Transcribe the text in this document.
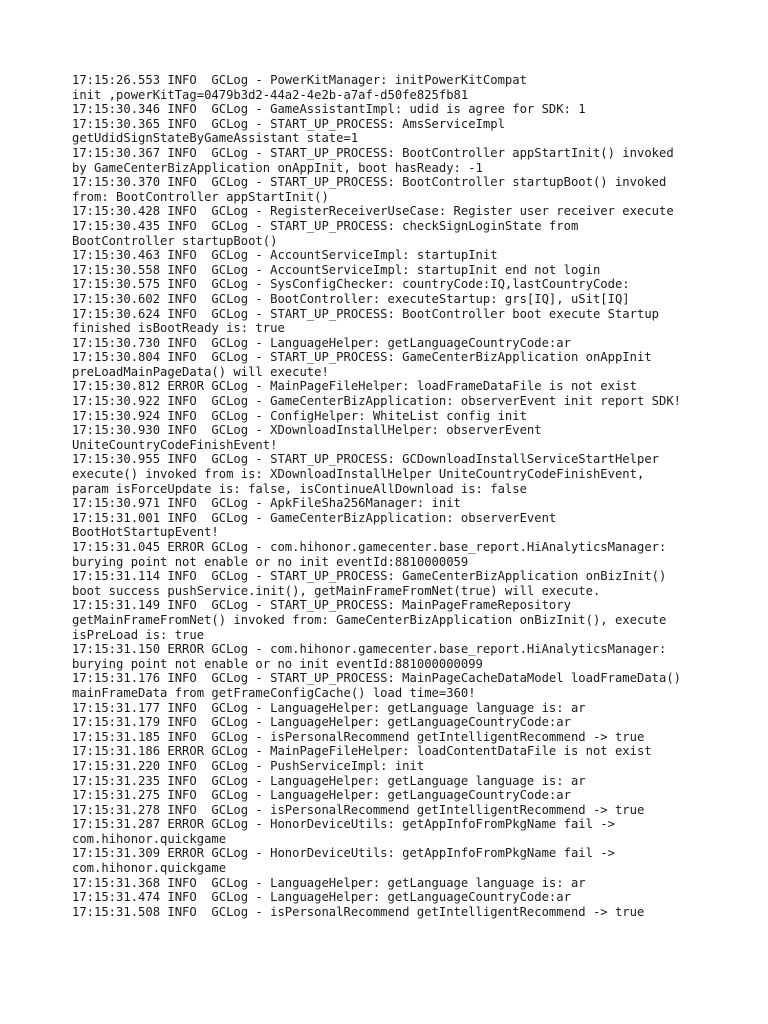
17:15:26.553 INFO  GCLog - PowerKitManager: initPowerKitCompat
init ,powerKitTag=0479b3d2-44a2-4e2b-a7af-d50fe825fb81
17:15:30.346 INFO  GCLog - GameAssistantImpl: udid is agree for SDK: 1
17:15:30.365 INFO  GCLog - START_UP_PROCESS: AmsServiceImpl
getUdidSignStateByGameAssistant state=1
17:15:30.367 INFO  GCLog - START_UP_PROCESS: BootController appStartInit() invoked
by GameCenterBizApplication onAppInit, boot hasReady: -1
17:15:30.370 INFO  GCLog - START_UP_PROCESS: BootController startupBoot() invoked
from: BootController appStartInit()
17:15:30.428 INFO  GCLog - RegisterReceiverUseCase: Register user receiver execute
17:15:30.435 INFO  GCLog - START_UP_PROCESS: checkSignLoginState from
BootController startupBoot()
17:15:30.463 INFO  GCLog - AccountServiceImpl: startupInit
17:15:30.558 INFO  GCLog - AccountServiceImpl: startupInit end not login
17:15:30.575 INFO  GCLog - SysConfigChecker: countryCode:IQ,lastCountryCode:
17:15:30.602 INFO  GCLog - BootController: executeStartup: grs[IQ], uSit[IQ]
17:15:30.624 INFO  GCLog - START_UP_PROCESS: BootController boot execute Startup
finished isBootReady is: true
17:15:30.730 INFO  GCLog - LanguageHelper: getLanguageCountryCode:ar
17:15:30.804 INFO  GCLog - START_UP_PROCESS: GameCenterBizApplication onAppInit
preLoadMainPageData() will execute!
17:15:30.812 ERROR GCLog - MainPageFileHelper: loadFrameDataFile is not exist
17:15:30.922 INFO  GCLog - GameCenterBizApplication: observerEvent init report SDK!
17:15:30.924 INFO  GCLog - ConfigHelper: WhiteList config init
17:15:30.930 INFO  GCLog - XDownloadInstallHelper: observerEvent
UniteCountryCodeFinishEvent!
17:15:30.955 INFO  GCLog - START_UP_PROCESS: GCDownloadInstallServiceStartHelper
execute() invoked from is: XDownloadInstallHelper UniteCountryCodeFinishEvent,
param isForceUpdate is: false, isContinueAllDownload is: false
17:15:30.971 INFO  GCLog - ApkFileSha256Manager: init
17:15:31.001 INFO  GCLog - GameCenterBizApplication: observerEvent
BootHotStartupEvent!
17:15:31.045 ERROR GCLog - com.hihonor.gamecenter.base_report.HiAnalyticsManager:
burying point not enable or no init eventId:8810000059
17:15:31.114 INFO  GCLog - START_UP_PROCESS: GameCenterBizApplication onBizInit()
boot success pushService.init(), getMainFrameFromNet(true) will execute.
17:15:31.149 INFO  GCLog - START_UP_PROCESS: MainPageFrameRepository
getMainFrameFromNet() invoked from: GameCenterBizApplication onBizInit(), execute
isPreLoad is: true
17:15:31.150 ERROR GCLog - com.hihonor.gamecenter.base_report.HiAnalyticsManager:
burying point not enable or no init eventId:881000000099
17:15:31.176 INFO  GCLog - START_UP_PROCESS: MainPageCacheDataModel loadFrameData()
mainFrameData from getFrameConfigCache() load time=360!
17:15:31.177 INFO  GCLog - LanguageHelper: getLanguage language is: ar
17:15:31.179 INFO  GCLog - LanguageHelper: getLanguageCountryCode:ar
17:15:31.185 INFO  GCLog - isPersonalRecommend getIntelligentRecommend -> true
17:15:31.186 ERROR GCLog - MainPageFileHelper: loadContentDataFile is not exist
17:15:31.220 INFO  GCLog - PushServiceImpl: init
17:15:31.235 INFO  GCLog - LanguageHelper: getLanguage language is: ar
17:15:31.275 INFO  GCLog - LanguageHelper: getLanguageCountryCode:ar
17:15:31.278 INFO  GCLog - isPersonalRecommend getIntelligentRecommend -> true
17:15:31.287 ERROR GCLog - HonorDeviceUtils: getAppInfoFromPkgName fail ->
com.hihonor.quickgame
17:15:31.309 ERROR GCLog - HonorDeviceUtils: getAppInfoFromPkgName fail ->
com.hihonor.quickgame
17:15:31.368 INFO  GCLog - LanguageHelper: getLanguage language is: ar
17:15:31.474 INFO  GCLog - LanguageHelper: getLanguageCountryCode:ar
17:15:31.508 INFO  GCLog - isPersonalRecommend getIntelligentRecommend -> true
